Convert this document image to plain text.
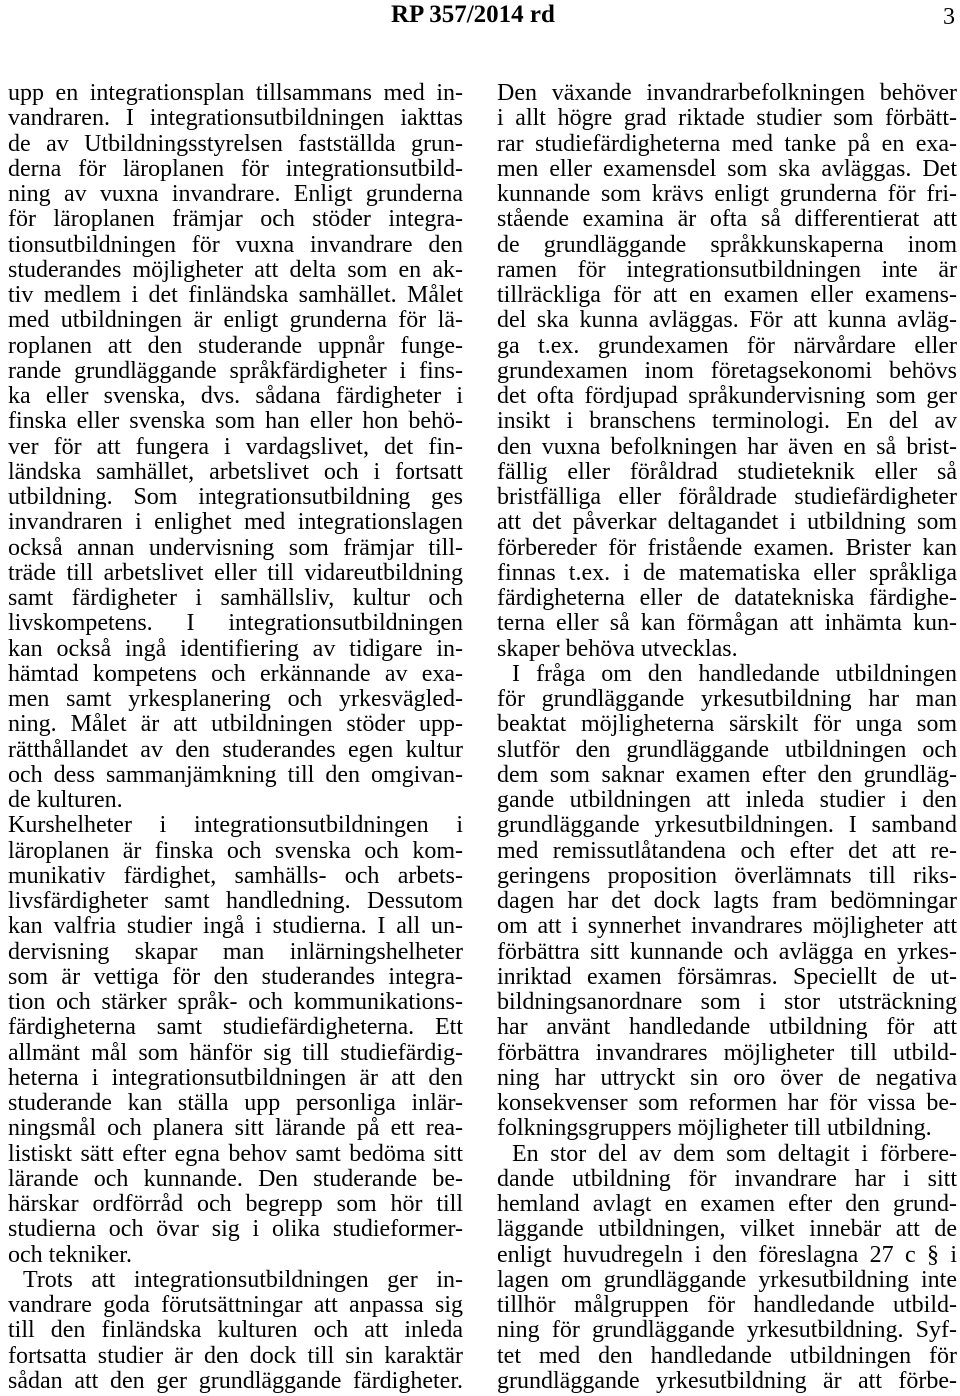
RP 357/2014 rd	3
upp en integrationsplan tillsammans med in-
vandraren. I integrationsutbildningen iakttas
de av Utbildningsstyrelsen fastställda grun-
derna för läroplanen för integrationsutbild-
ning av vuxna invandrare. Enligt grunderna
för läroplanen främjar och stöder integra-
tionsutbildningen för vuxna invandrare den
studerandes möjligheter att delta som en ak-
tiv medlem i det finländska samhället. Målet
med utbildningen är enligt grunderna för lä-
roplanen att den studerande uppnår funge-
rande grundläggande språkfärdigheter i fins-
ka eller svenska, dvs. sådana färdigheter i
finska eller svenska som han eller hon behö-
ver för att fungera i vardagslivet, det fin-
ländska samhället, arbetslivet och i fortsatt
utbildning. Som integrationsutbildning ges
invandraren i enlighet med integrationslagen
också annan undervisning som främjar till-
träde till arbetslivet eller till vidareutbildning
samt färdigheter i samhällsliv, kultur och
livskompetens. I integrationsutbildningen
kan också ingå identifiering av tidigare in-
hämtad kompetens och erkännande av exa-
men samt yrkesplanering och yrkesvägled-
ning. Målet är att utbildningen stöder upp-
rätthållandet av den studerandes egen kultur
och dess sammanjämkning till den omgivan-
de kulturen.
Kurshelheter i integrationsutbildningen i
läroplanen är finska och svenska och kom-
munikativ färdighet, samhälls- och arbets-
livsfärdigheter samt handledning. Dessutom
kan valfria studier ingå i studierna. I all un-
dervisning skapar man inlärningshelheter
som är vettiga för den studerandes integra-
tion och stärker språk- och kommunikations-
färdigheterna samt studiefärdigheterna. Ett
allmänt mål som hänför sig till studiefärdig-
heterna i integrationsutbildningen är att den
studerande kan ställa upp personliga inlär-
ningsmål och planera sitt lärande på ett rea-
listiskt sätt efter egna behov samt bedöma sitt
lärande och kunnande. Den studerande be-
härskar ordförråd och begrepp som hör till
studierna och övar sig i olika studieformer-
och tekniker.
Trots att integrationsutbildningen ger in-
vandrare goda förutsättningar att anpassa sig
till den finländska kulturen och att inleda
fortsatta studier är den dock till sin karaktär
sådan att den ger grundläggande färdigheter.
Den växande invandrarbefolkningen behöver
i allt högre grad riktade studier som förbätt-
rar studiefärdigheterna med tanke på en exa-
men eller examensdel som ska avläggas. Det
kunnande som krävs enligt grunderna för fri-
stående examina är ofta så differentierat att
de grundläggande språkkunskaperna inom
ramen för integrationsutbildningen inte är
tillräckliga för att en examen eller examens-
del ska kunna avläggas. För att kunna avläg-
ga t.ex. grundexamen för närvårdare eller
grundexamen inom företagsekonomi behövs
det ofta fördjupad språkundervisning som ger
insikt i branschens terminologi. En del av
den vuxna befolkningen har även en så brist-
fällig eller föråldrad studieteknik eller så
bristfälliga eller föråldrade studiefärdigheter
att det påverkar deltagandet i utbildning som
förbereder för fristående examen. Brister kan
finnas t.ex. i de matematiska eller språkliga
färdigheterna eller de datatekniska färdighe-
terna eller så kan förmågan att inhämta kun-
skaper behöva utvecklas.
I fråga om den handledande utbildningen
för grundläggande yrkesutbildning har man
beaktat möjligheterna särskilt för unga som
slutför den grundläggande utbildningen och
dem som saknar examen efter den grundläg-
gande utbildningen att inleda studier i den
grundläggande yrkesutbildningen. I samband
med remissutlåtandena och efter det att re-
geringens proposition överlämnats till riks-
dagen har det dock lagts fram bedömningar
om att i synnerhet invandrares möjligheter att
förbättra sitt kunnande och avlägga en yrkes-
inriktad examen försämras. Speciellt de ut-
bildningsanordnare som i stor utsträckning
har använt handledande utbildning för att
förbättra invandrares möjligheter till utbild-
ning har uttryckt sin oro över de negativa
konsekvenser som reformen har för vissa be-
folkningsgruppers möjligheter till utbildning.
En stor del av dem som deltagit i förbere-
dande utbildning för invandrare har i sitt
hemland avlagt en examen efter den grund-
läggande utbildningen, vilket innebär att de
enligt huvudregeln i den föreslagna 27 c § i
lagen om grundläggande yrkesutbildning inte
tillhör målgruppen för handledande utbild-
ning för grundläggande yrkesutbildning. Syf-
tet med den handledande utbildningen för
grundläggande yrkesutbildning är att förbe-
